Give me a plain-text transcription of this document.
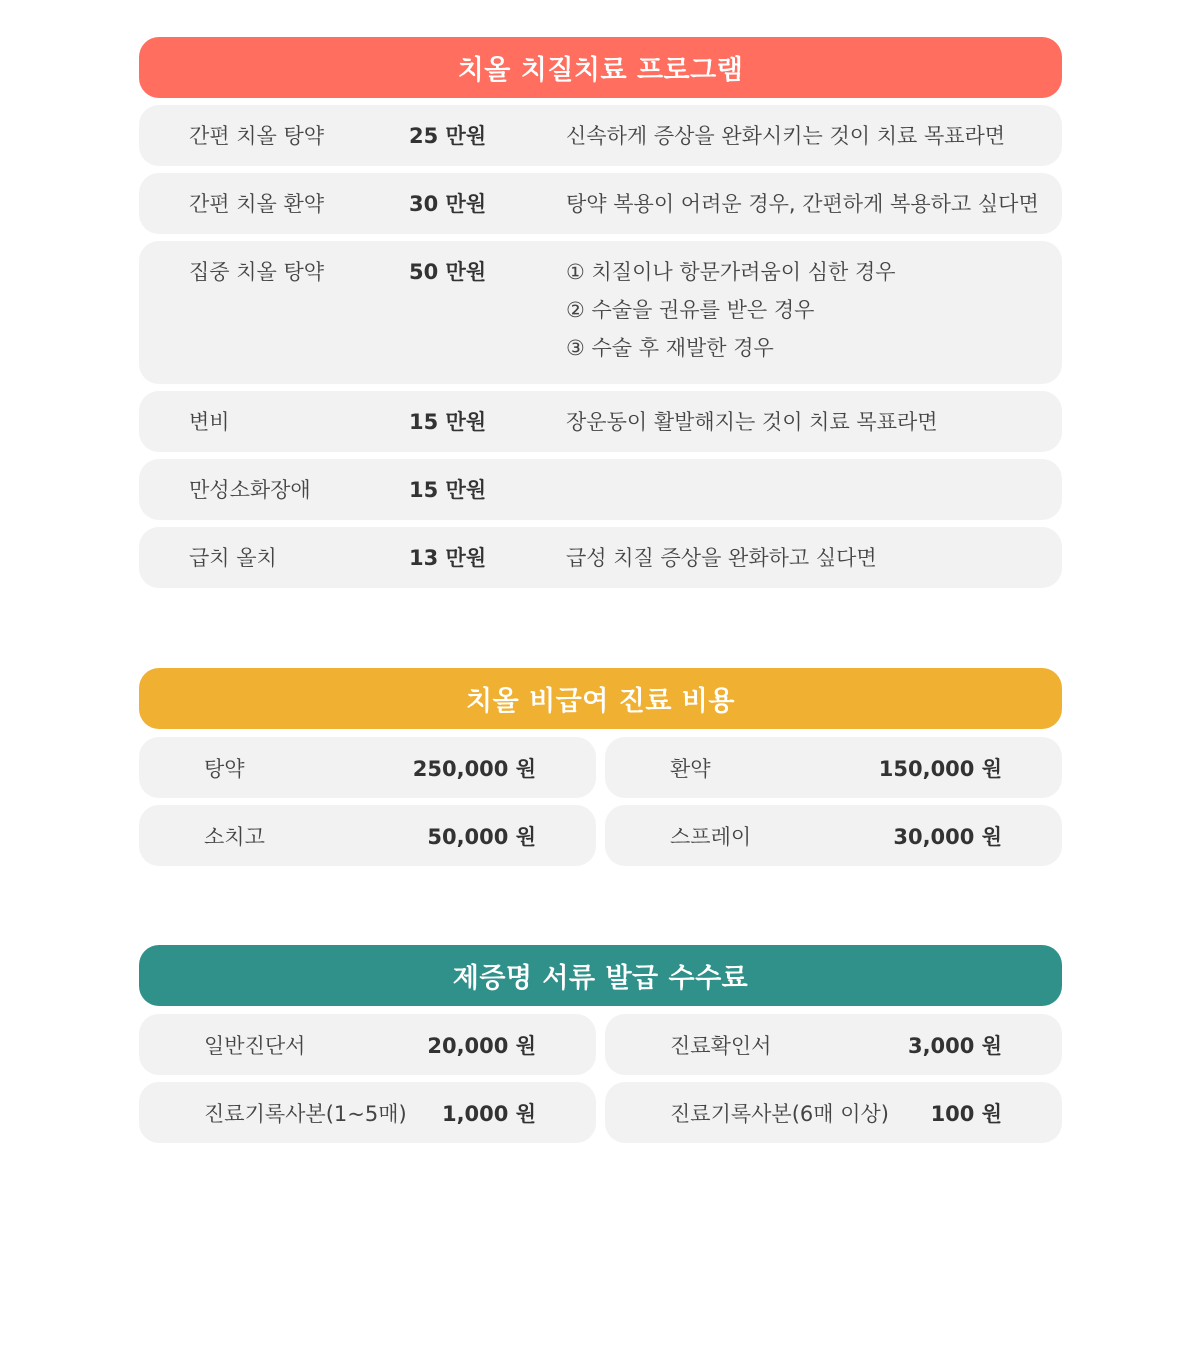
치올 치질치료 프로그램
간편 치올 탕약	25 만원	신속하게 증상을 완화시키는 것이 치료 목표라면
간편 치올 환약	30 만원	탕약 복용이 어려운 경우, 간편하게 복용하고 싶다면
집중 치올 탕약	50 만원	① 치질이나 항문가려움이 심한 경우
② 수술을 권유를 받은 경우
③ 수술 후 재발한 경우
변비	15 만원	장운동이 활발해지는 것이 치료 목표라면
만성소화장애	15 만원
급치 올치	13 만원	급성 치질 증상을 완화하고 싶다면
치올 비급여 진료 비용
탕약	250,000 원	환약	150,000 원
소치고	50,000 원	스프레이	30,000 원
제증명 서류 발급 수수료
일반진단서	20,000 원	진료확인서	3,000 원
진료기록사본(1~5매) 1,000 원	진료기록사본(6매 이상) 100 원
